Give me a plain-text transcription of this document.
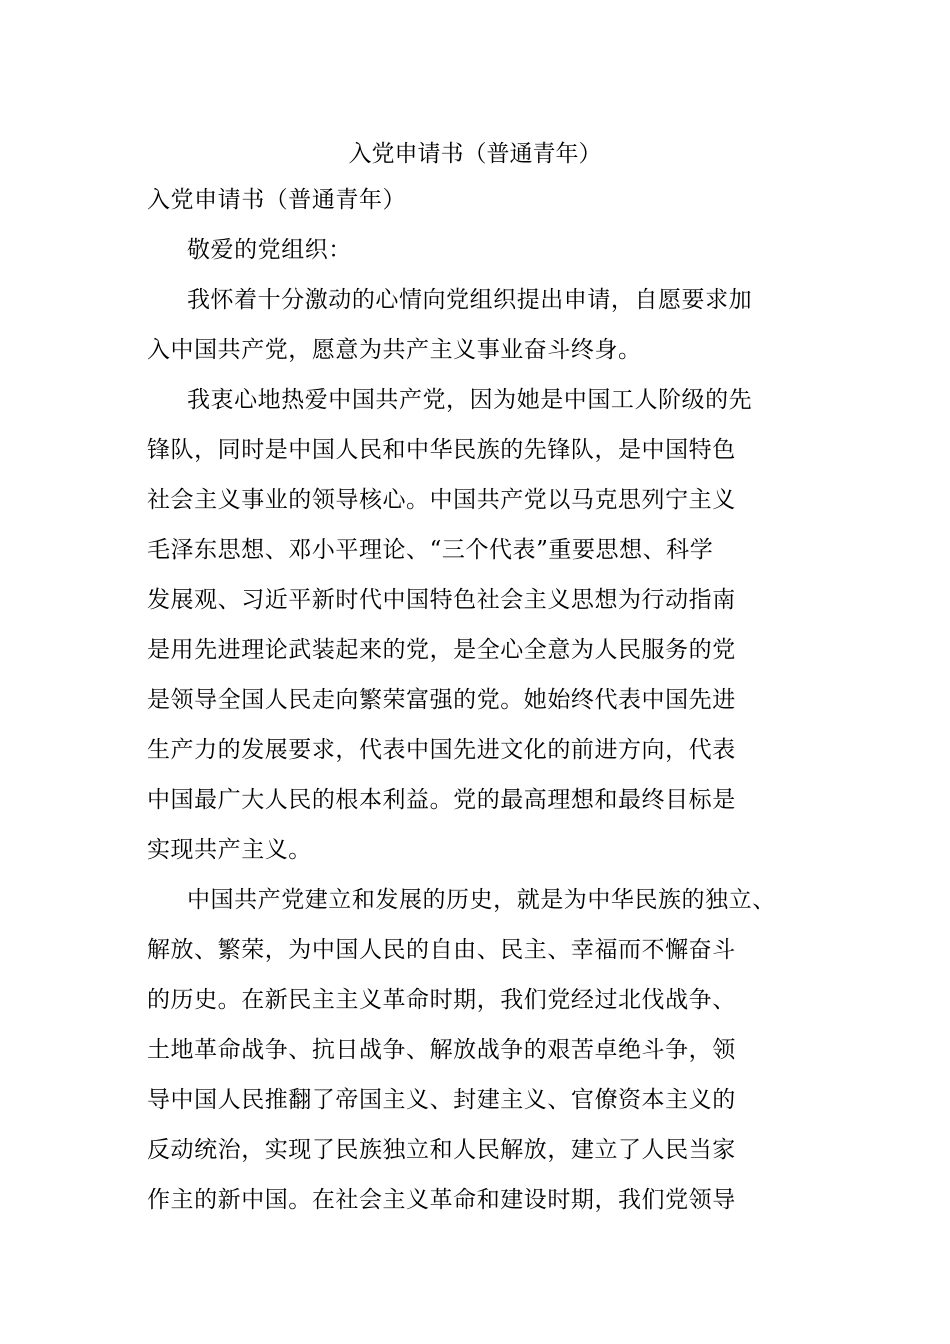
入党申请书（普通青年）
入党申请书（普通青年）
敬爱的党组织：
我怀着十分激动的心情向党组织提出申请，自愿要求加
入中国共产党，愿意为共产主义事业奋斗终身。
我衷心地热爱中国共产党，因为她是中国工人阶级的先
锋队，同时是中国人民和中华民族的先锋队，是中国特色
社会主义事业的领导核心。中国共产党以马克思列宁主义
毛泽东思想、邓小平理论、“三个代表”重要思想、科学
发展观、习近平新时代中国特色社会主义思想为行动指南
是用先进理论武装起来的党，是全心全意为人民服务的党
是领导全国人民走向繁荣富强的党。她始终代表中国先进
生产力的发展要求，代表中国先进文化的前进方向，代表
中国最广大人民的根本利益。党的最高理想和最终目标是
实现共产主义。
中国共产党建立和发展的历史，就是为中华民族的独立、
解放、繁荣，为中国人民的自由、民主、幸福而不懈奋斗
的历史。在新民主主义革命时期，我们党经过北伐战争、
土地革命战争、抗日战争、解放战争的艰苦卓绝斗争，领
导中国人民推翻了帝国主义、封建主义、官僚资本主义的
反动统治，实现了民族独立和人民解放，建立了人民当家
作主的新中国。在社会主义革命和建设时期，我们党领导
